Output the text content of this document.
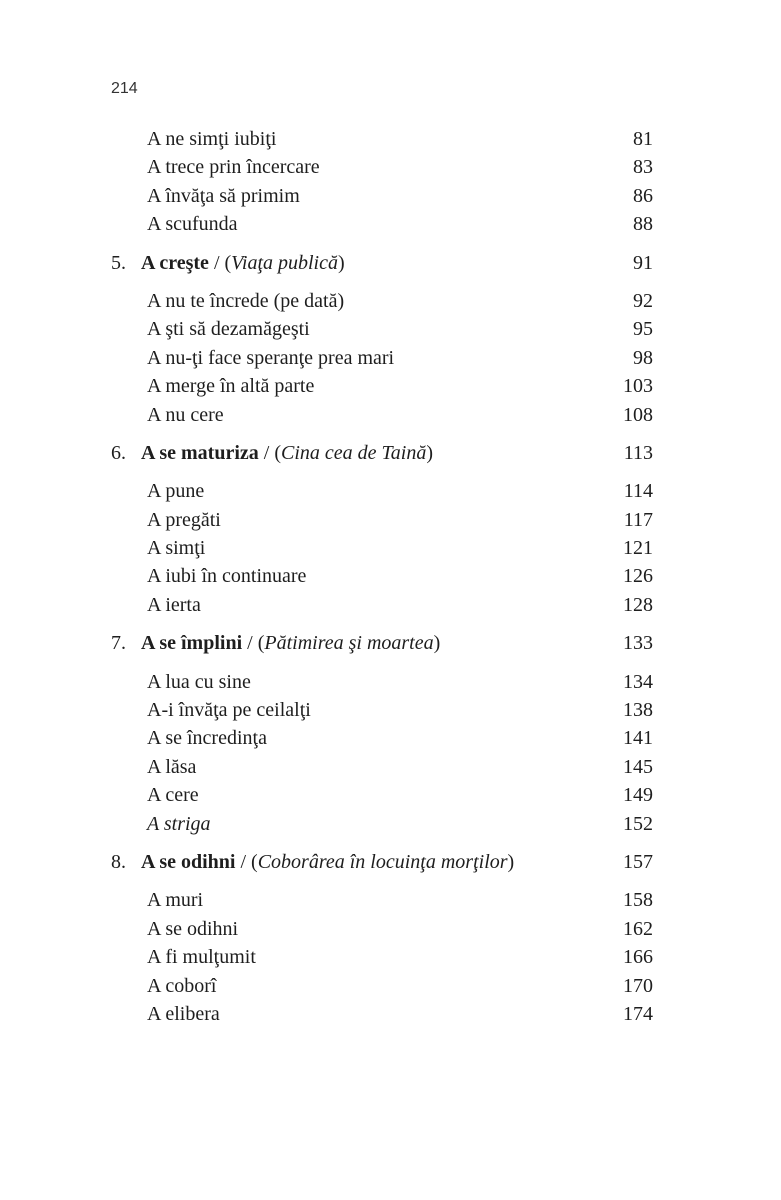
214
A ne simţi iubiţi	81
A trece prin încercare	83
A învăţa să primim	86
A scufunda	88
5. A creşte / (Viaţa publică)	91
A nu te încrede (pe dată)	92
A şti să dezamăgeşti	95
A nu-ţi face speranţe prea mari	98
A merge în altă parte	103
A nu cere	108
6. A se maturiza / (Cina cea de Taină)	113
A pune	114
A pregăti	117
A simţi	121
A iubi în continuare	126
A ierta	128
7. A se împlini / (Pătimirea şi moartea)	133
A lua cu sine	134
A-i învăţa pe ceilalţi	138
A se încredinţa	141
A lăsa	145
A cere	149
A striga	152
8. A se odihni / (Coborârea în locuinţa morţilor)	157
A muri	158
A se odihni	162
A fi mulţumit	166
A coborî	170
A elibera	174
